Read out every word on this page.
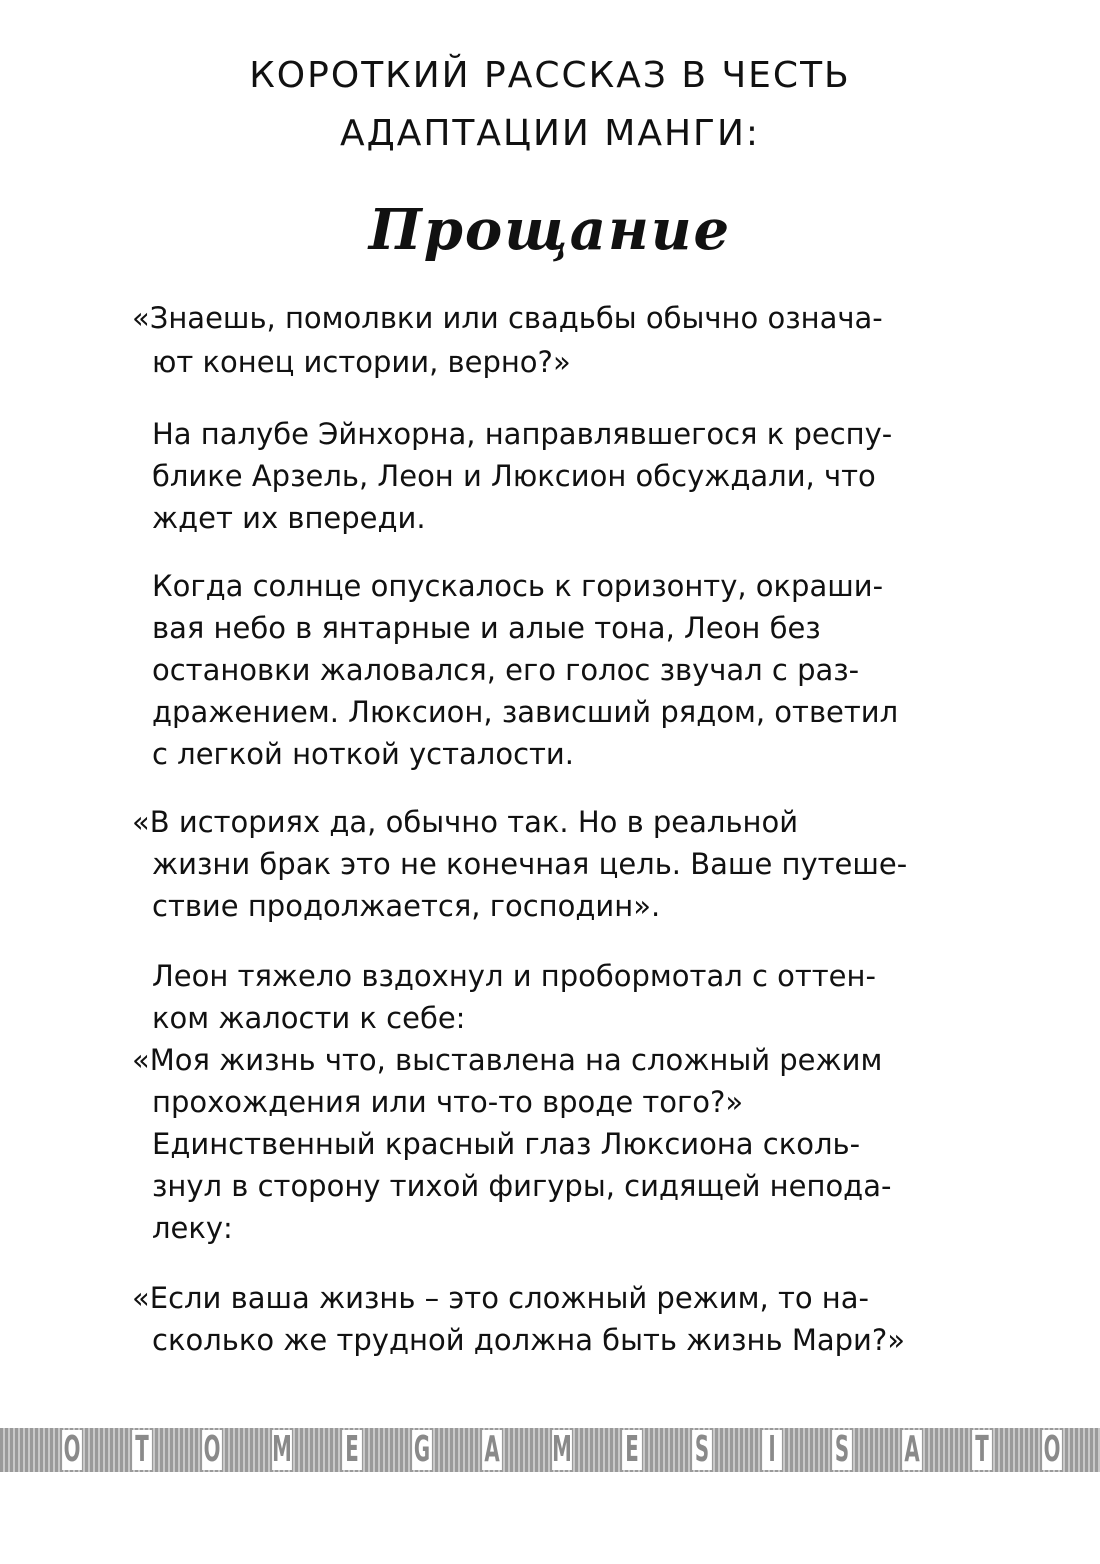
КОРОТКИЙ РАССКАЗ В ЧЕСТЬ
АДАПТАЦИИ МАНГИ:
Прощание
«Знаешь, помолвки или свадьбы обычно означа-
ют конец истории, верно?»
На палубе Эйнхорна, направлявшегося к респу-
блике Арзель, Леон и Люксион обсуждали, что
ждет их впереди.
Когда солнце опускалось к горизонту, окраши-
вая небо в янтарные и алые тона, Леон без
остановки жаловался, его голос звучал с раз-
дражением. Люксион, зависший рядом, ответил
с легкой ноткой усталости.
«В историях да, обычно так. Но в реальной
жизни брак это не конечная цель. Ваше путеше-
ствие продолжается, господин».
Леон тяжело вздохнул и пробормотал с оттен-
ком жалости к себе:
«Моя жизнь что, выставлена на сложный режим
прохождения или что-то вроде того?»
Единственный красный глаз Люксиона сколь-
знул в сторону тихой фигуры, сидящей непода-
леку:
«Если ваша жизнь – это сложный режим, то на-
сколько же трудной должна быть жизнь Мари?»
O T O M E G A M E S I S A T O
